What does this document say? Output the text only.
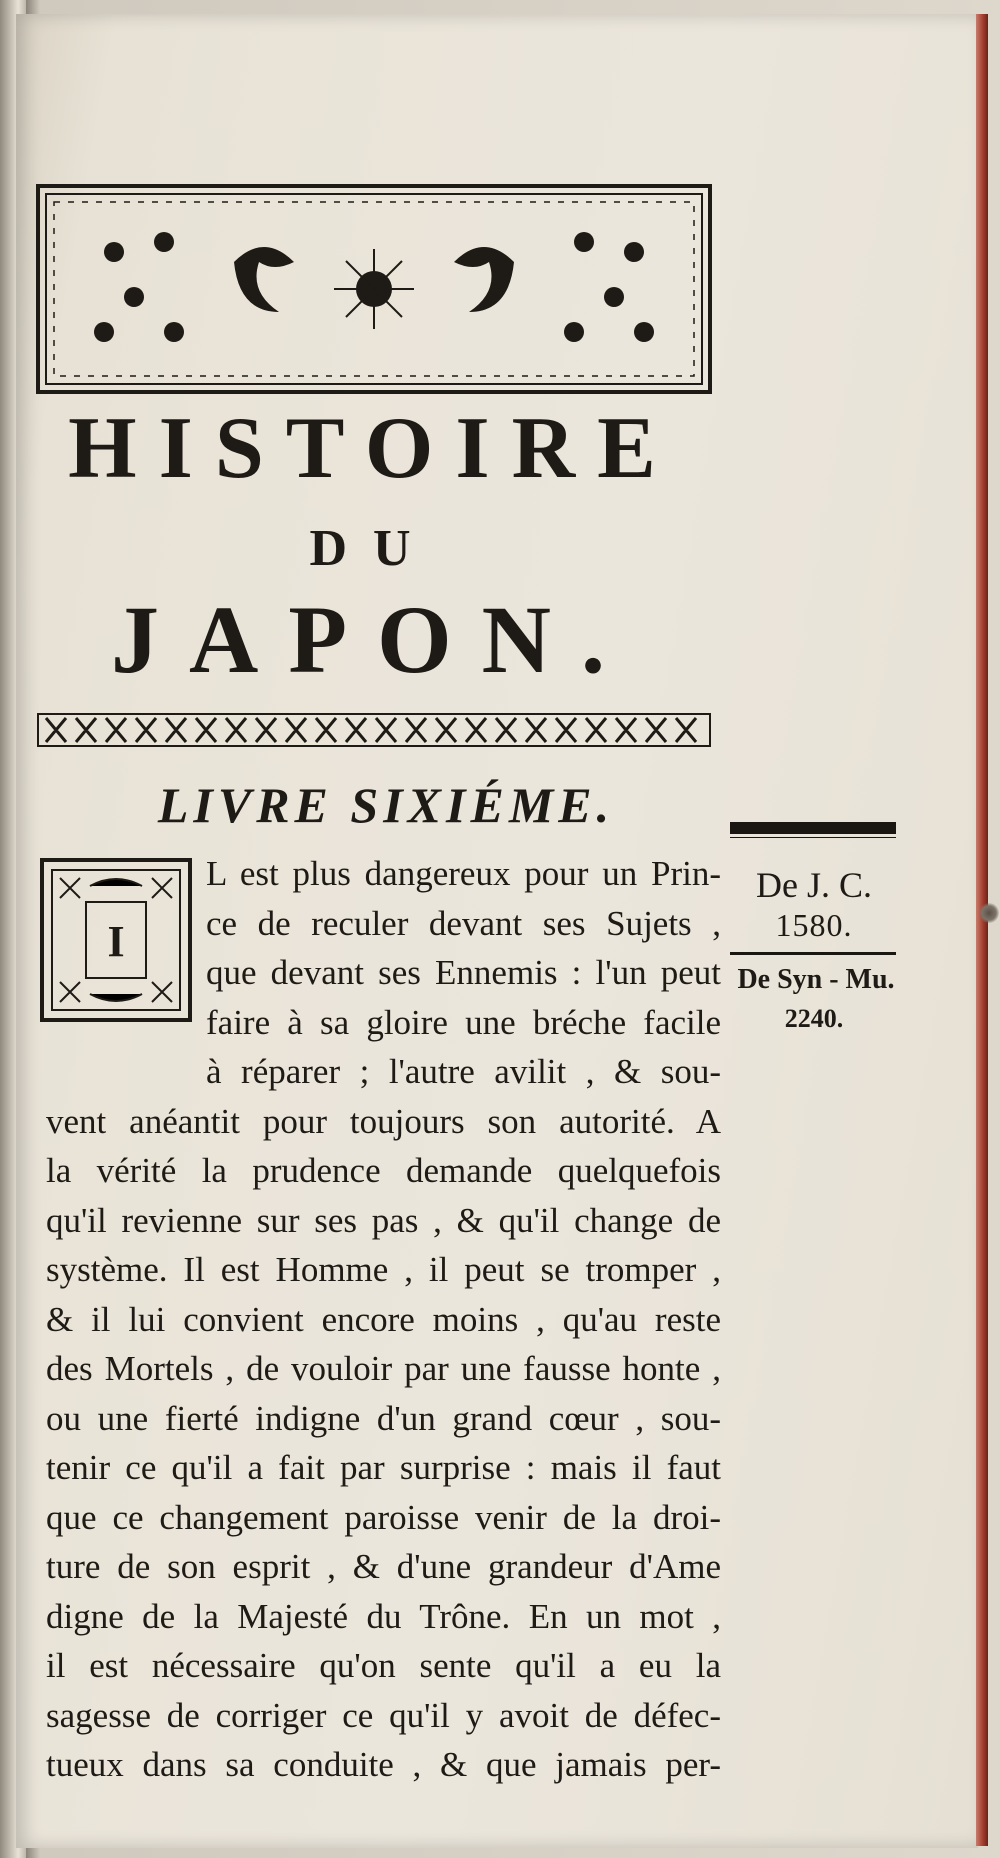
HISTOIRE
DU
JAPON.
LIVRE SIXIÉME.
I
L est plus dangereux pour un Prin-
ce de reculer devant ses Sujets ,
que devant ses Ennemis : l'un peut
faire à sa gloire une bréche facile
à réparer ; l'autre avilit , & sou-
vent anéantit pour toujours son autorité. A
la vérité la prudence demande quelquefois
qu'il revienne sur ses pas , & qu'il change de
système. Il est Homme , il peut se tromper ,
& il lui convient encore moins , qu'au reste
des Mortels , de vouloir par une fausse honte ,
ou une fierté indigne d'un grand cœur , sou-
tenir ce qu'il a fait par surprise : mais il faut
que ce changement paroisse venir de la droi-
ture de son esprit , & d'une grandeur d'Ame
digne de la Majesté du Trône. En un mot ,
il est nécessaire qu'on sente qu'il a eu la
sagesse de corriger ce qu'il y avoit de défec-
tueux dans sa conduite , & que jamais per-
De J. C.
1580.
De Syn - Mu.
2240.
